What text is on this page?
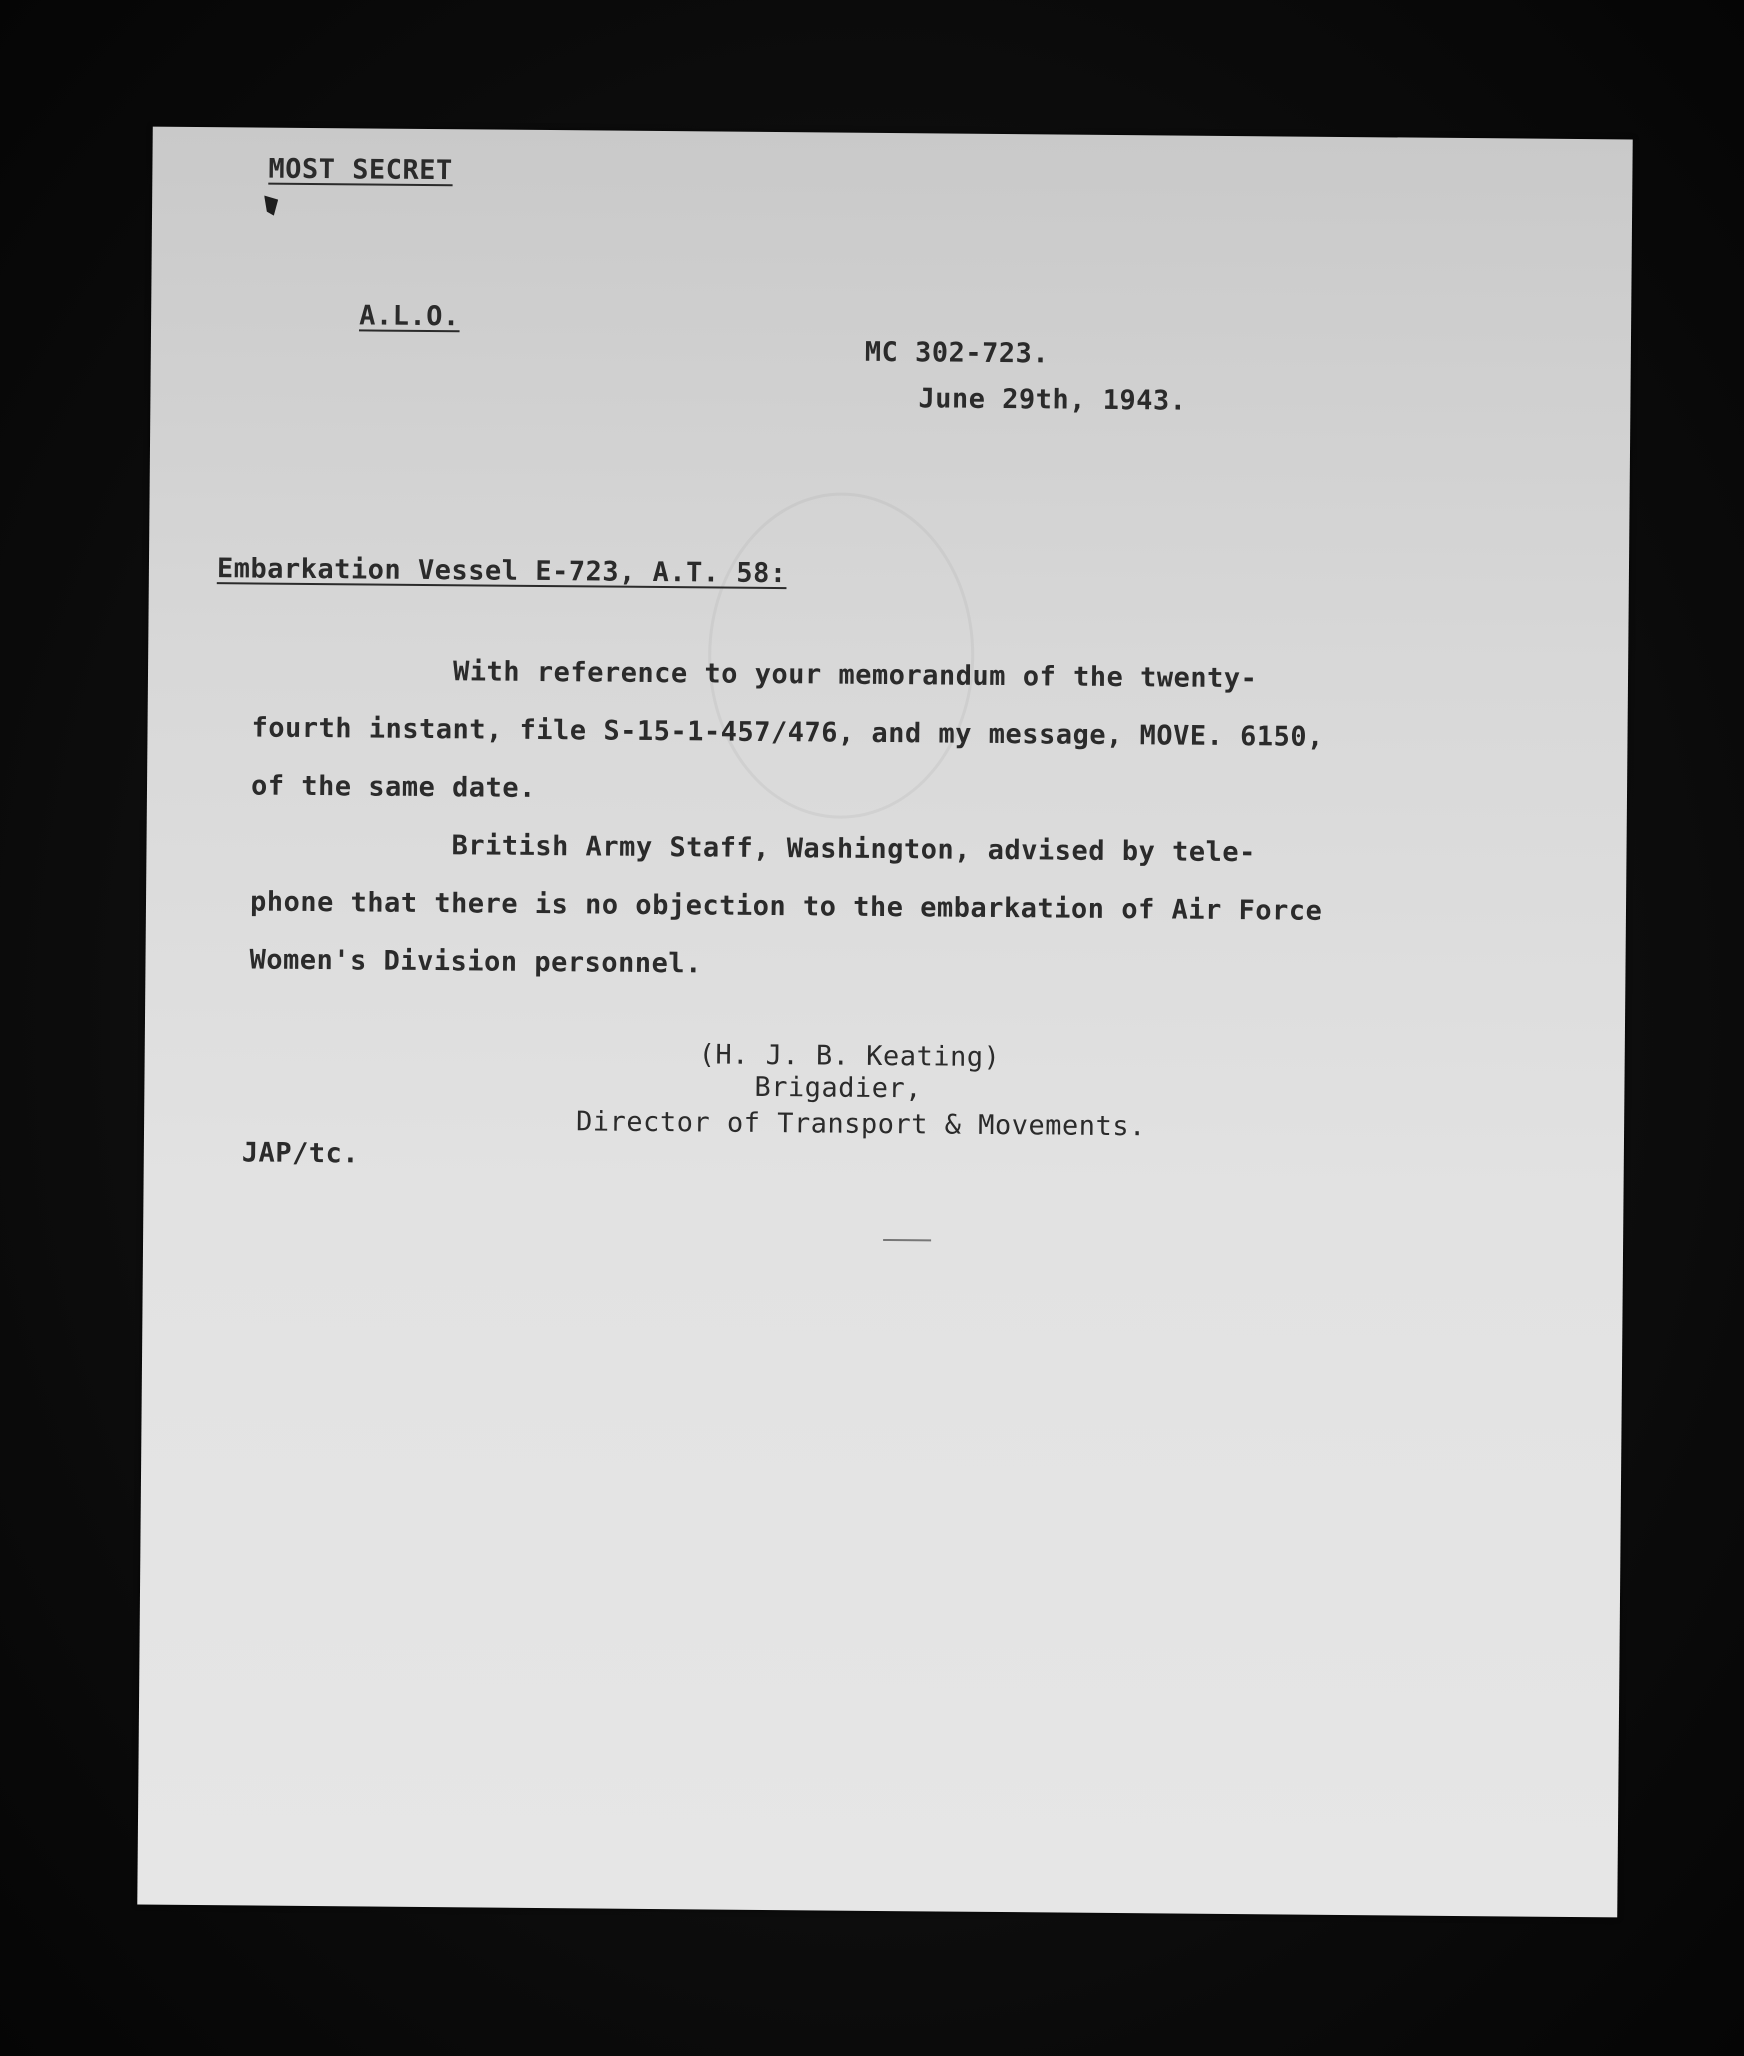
MOST SECRET
A.L.O.
MC 302-723.
June 29th, 1943.
Embarkation Vessel E-723, A.T. 58:
With reference to your memorandum of the twenty-
fourth instant, file S-15-1-457/476, and my message, MOVE. 6150,
of the same date.
British Army Staff, Washington, advised by tele-
phone that there is no objection to the embarkation of Air Force
Women's Division personnel.
(H. J. B. Keating)
Brigadier,
Director of Transport & Movements.
JAP/tc.
